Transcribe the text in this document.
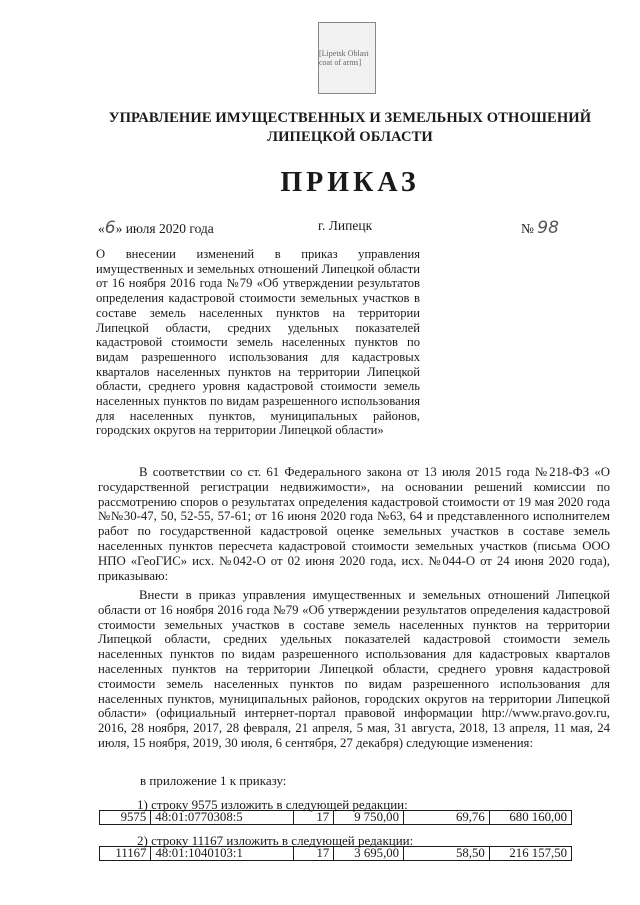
[Lipetsk Oblast coat of arms]
УПРАВЛЕНИЕ ИМУЩЕСТВЕННЫХ И ЗЕМЕЛЬНЫХ ОТНОШЕНИЙ
ЛИПЕЦКОЙ ОБЛАСТИ
ПРИКАЗ
«6» июля 2020 года	г. Липецк	№ 98
О внесении изменений в приказ управления имущественных и земельных отношений Липецкой области от 16 ноября 2016 года №79 «Об утверждении результатов определения кадастровой стоимости земельных участков в составе земель населенных пунктов на территории Липецкой области, средних удельных показателей кадастровой стоимости земель населенных пунктов по видам разрешенного использования для кадастровых кварталов населенных пунктов на территории Липецкой области, среднего уровня кадастровой стоимости земель населенных пунктов по видам разрешенного использования для населенных пунктов, муниципальных районов, городских округов на территории Липецкой области»
В соответствии со ст. 61 Федерального закона от 13 июля 2015 года №218-ФЗ «О государственной регистрации недвижимости», на основании решений комиссии по рассмотрению споров о результатах определения кадастровой стоимости от 19 мая 2020 года №№30-47, 50, 52-55, 57-61; от 16 июня 2020 года №63, 64 и представленного исполнителем работ по государственной кадастровой оценке земельных участков в составе земель населенных пунктов пересчета кадастровой стоимости земельных участков (письма ООО НПО «ГеоГИС» исх. №042-О от 02 июня 2020 года, исх. №044-О от 24 июня 2020 года), приказываю:
Внести в приказ управления имущественных и земельных отношений Липецкой области от 16 ноября 2016 года №79 «Об утверждении результатов определения кадастровой стоимости земельных участков в составе земель населенных пунктов на территории Липецкой области, средних удельных показателей кадастровой стоимости земель населенных пунктов по видам разрешенного использования для кадастровых кварталов населенных пунктов на территории Липецкой области, среднего уровня кадастровой стоимости земель населенных пунктов по видам разрешенного использования для населенных пунктов, муниципальных районов, городских округов на территории Липецкой области» (официальный интернет-портал правовой информации http://www.pravo.gov.ru, 2016, 28 ноября, 2017, 28 февраля, 21 апреля, 5 мая, 31 августа, 2018, 13 апреля, 11 мая, 24 июля, 15 ноября, 2019, 30 июля, 6 сентября, 27 декабря) следующие изменения:
в приложение 1 к приказу:
1) строку 9575 изложить в следующей редакции:
9575	48:01:0770308:5	17	9 750,00	69,76	680 160,00
2) строку 11167 изложить в следующей редакции:
11167	48:01:1040103:1	17	3 695,00	58,50	216 157,50
